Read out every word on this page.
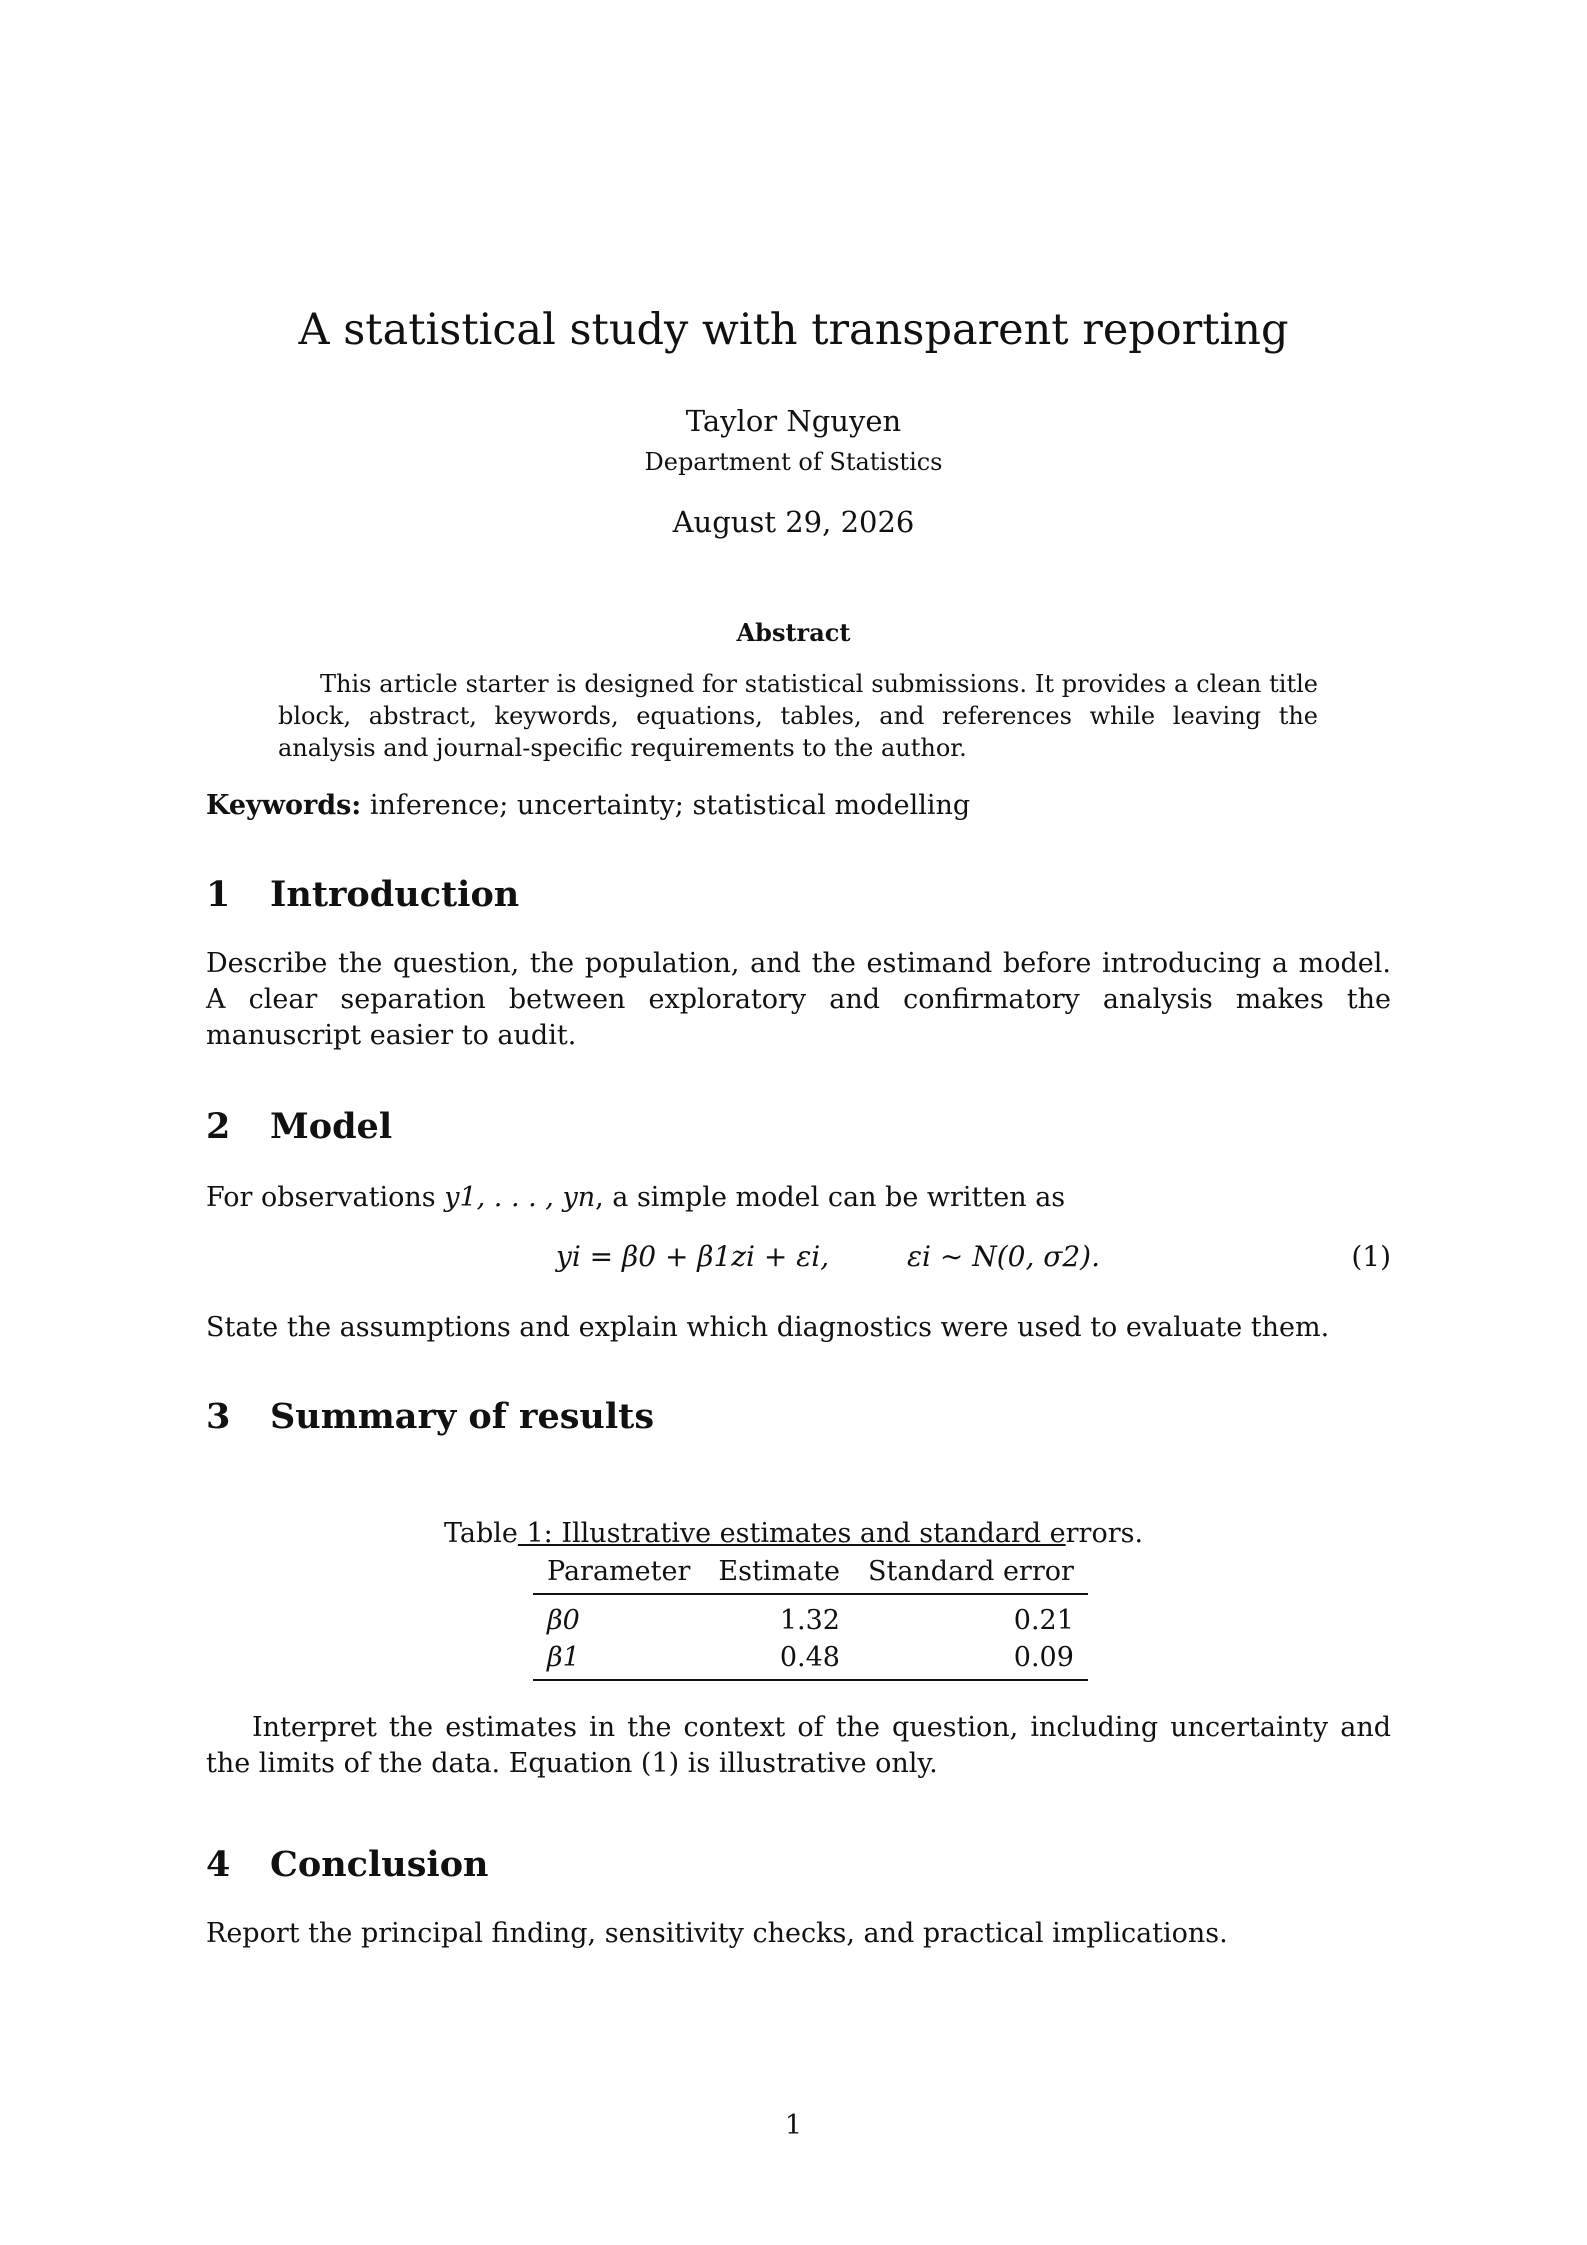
A statistical study with transparent reporting
Taylor Nguyen
Department of Statistics
August 29, 2026
Abstract
This article starter is designed for statistical submissions. It provides a clean title block, abstract, keywords, equations, tables, and references while leaving the analysis and journal-specific requirements to the author.
Keywords: inference; uncertainty; statistical modelling
1 Introduction
Describe the question, the population, and the estimand before introducing a model. A clear separation between exploratory and confirmatory analysis makes the manuscript easier to audit.
2 Model
For observations y1, . . . , yn, a simple model can be written as
yi = β0 + β1zi + εi,	εi ∼ N(0, σ2).	(1)
State the assumptions and explain which diagnostics were used to evaluate them.
3 Summary of results
Table 1: Illustrative estimates and standard errors.
Parameter	Estimate	Standard error
β0	1.32	0.21
β1	0.48	0.09
Interpret the estimates in the context of the question, including uncertainty and the limits of the data. Equation (1) is illustrative only.
4 Conclusion
Report the principal finding, sensitivity checks, and practical implications.
1
